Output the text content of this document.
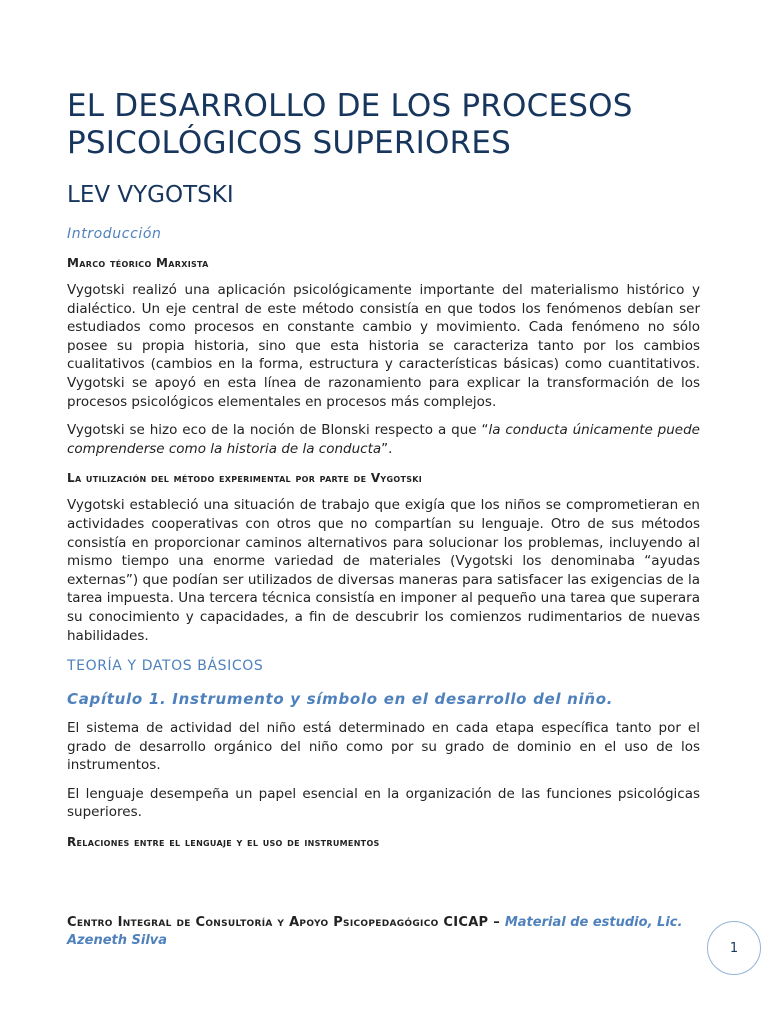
EL DESARROLLO DE LOS PROCESOS
PSICOLÓGICOS SUPERIORES
LEV VYGOTSKI
Introducción
Marco téorico Marxista

Vygotski realizó una aplicación psicológicamente importante del materialismo histórico y dialéctico. Un eje central de este método consistía en que todos los fenómenos debían ser estudiados como procesos en constante cambio y movimiento. Cada fenómeno no sólo posee su propia historia, sino que esta historia se caracteriza tanto por los cambios cualitativos (cambios en la forma, estructura y características básicas) como cuantitativos. Vygotski se apoyó en esta línea de razonamiento para explicar la transformación de los procesos psicológicos elementales en procesos más complejos.

Vygotski se hizo eco de la noción de Blonski respecto a que “la conducta únicamente puede comprenderse como la historia de la conducta”.

La utilización del método experimental por parte de Vygotski

Vygotski estableció una situación de trabajo que exigía que los niños se comprometieran en actividades cooperativas con otros que no compartían su lenguaje. Otro de sus métodos consistía en proporcionar caminos alternativos para solucionar los problemas, incluyendo al mismo tiempo una enorme variedad de materiales (Vygotski los denominaba “ayudas externas”) que podían ser utilizados de diversas maneras para satisfacer las exigencias de la tarea impuesta. Una tercera técnica consistía en imponer al pequeño una tarea que superara su conocimiento y capacidades, a fin de descubrir los comienzos rudimentarios de nuevas habilidades.

TEORÍA Y DATOS BÁSICOS
Capítulo 1. Instrumento y símbolo en el desarrollo del niño.

El sistema de actividad del niño está determinado en cada etapa específica tanto por el grado de desarrollo orgánico del niño como por su grado de dominio en el uso de los instrumentos.

El lenguaje desempeña un papel esencial en la organización de las funciones psicológicas superiores.

Relaciones entre el lenguaje y el uso de instrumentos
Centro Integral de Consultoría y Apoyo Psicopedagógico CICAP – Material de estudio, Lic. Azeneth Silva	1
